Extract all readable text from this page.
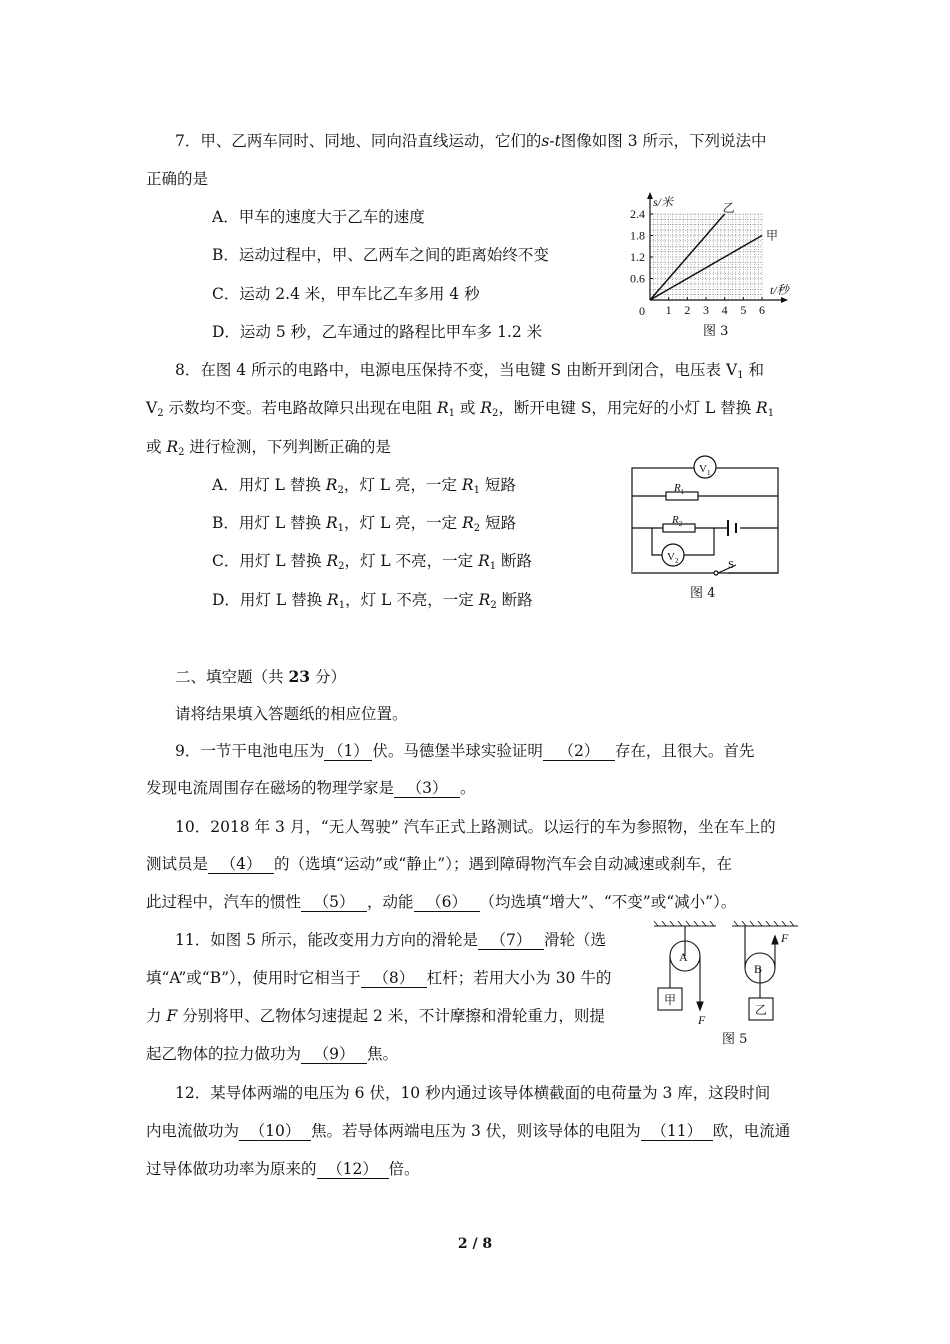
7．甲、乙两车同时、同地、同向沿直线运动，它们的s-t图像如图 3 所示，下列说法中
正确的是
A．甲车的速度大于乙车的速度
B．运动过程中，甲、乙两车之间的距离始终不变
C．运动 2.4 米，甲车比乙车多用 4 秒
D．运动 5 秒，乙车通过的路程比甲车多 1.2 米
1 2 3 4 5 6
0.6
1.2
1.8
2.4
0
s/米
t/秒
乙
甲
图 3
8．在图 4 所示的电路中，电源电压保持不变，当电键 S 由断开到闭合，电压表 $V_1$ 和
$V_2$ 示数均不变。若电路故障只出现在电阻 $R_1$ 或 $R_2$，断开电键 S，用完好的小灯 L 替换 $R_1$
或 $R_2$ 进行检测，下列判断正确的是
A．用灯 L 替换 $R_2$，灯 L 亮，一定 $R_1$ 短路
B．用灯 L 替换 $R_1$，灯 L 亮，一定 $R_2$ 短路
C．用灯 L 替换 $R_2$，灯 L 不亮，一定 $R_1$ 断路
D．用灯 L 替换 $R_1$，灯 L 不亮，一定 $R_2$ 断路
$V_1$
$V_2$
$R_1$
$R_2$
S
图 4
二、填空题（共 23 分）
请将结果填入答题纸的相应位置。
9．一节干电池电压为 （1） 伏。马德堡半球实验证明 （2） 存在，且很大。首先
发现电流周围存在磁场的物理学家是 （3） 。
10．2018 年 3 月，“无人驾驶” 汽车正式上路测试。以运行的车为参照物，坐在车上的
测试员是 （4） 的（选填“运动”或“静止”）；遇到障碍物汽车会自动减速或刹车，在
此过程中，汽车的惯性 （5） ，动能 （6） （均选填“增大”、“不变”或“减小”）。
11．如图 5 所示，能改变用力方向的滑轮是 （7） 滑轮（选
填“A”或“B”），使用时它相当于 （8） 杠杆；若用大小为 30 牛的
力 F 分别将甲、乙物体匀速提起 2 米，不计摩擦和滑轮重力，则提
起乙物体的拉力做功为 （9） 焦。
A
B
甲
乙
F
F
图 5
12．某导体两端的电压为 6 伏，10 秒内通过该导体横截面的电荷量为 3 库，这段时间
内电流做功为 （10） 焦。若导体两端电压为 3 伏，则该导体的电阻为 （11） 欧，电流通
过导体做功功率为原来的 （12） 倍。
2 / 8
